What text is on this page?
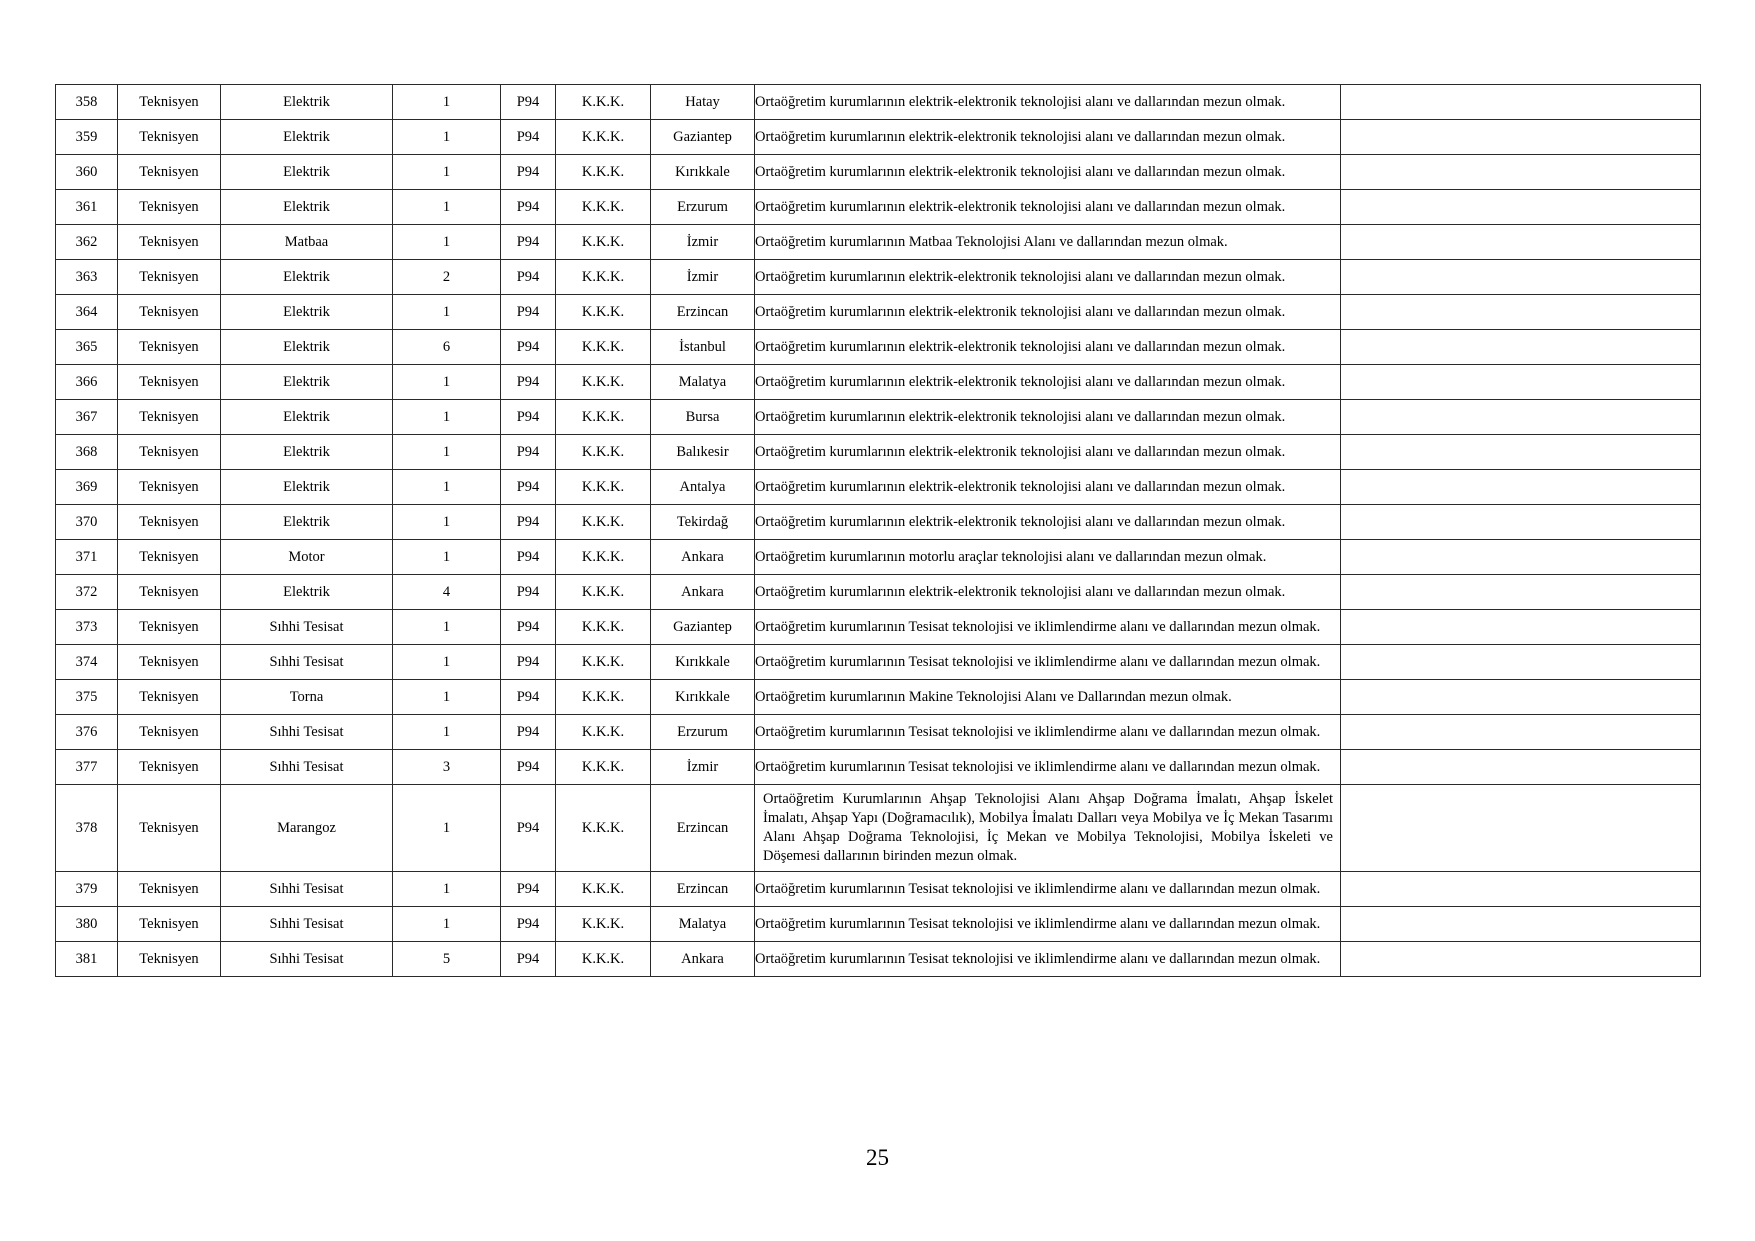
358	Teknisyen	Elektrik	1	P94	K.K.K.	Hatay	Ortaöğretim kurumlarının elektrik-elektronik teknolojisi alanı ve dallarından mezun olmak.	
359	Teknisyen	Elektrik	1	P94	K.K.K.	Gaziantep	Ortaöğretim kurumlarının elektrik-elektronik teknolojisi alanı ve dallarından mezun olmak.	
360	Teknisyen	Elektrik	1	P94	K.K.K.	Kırıkkale	Ortaöğretim kurumlarının elektrik-elektronik teknolojisi alanı ve dallarından mezun olmak.	
361	Teknisyen	Elektrik	1	P94	K.K.K.	Erzurum	Ortaöğretim kurumlarının elektrik-elektronik teknolojisi alanı ve dallarından mezun olmak.	
362	Teknisyen	Matbaa	1	P94	K.K.K.	İzmir	Ortaöğretim kurumlarının Matbaa Teknolojisi Alanı ve dallarından mezun olmak.	
363	Teknisyen	Elektrik	2	P94	K.K.K.	İzmir	Ortaöğretim kurumlarının elektrik-elektronik teknolojisi alanı ve dallarından mezun olmak.	
364	Teknisyen	Elektrik	1	P94	K.K.K.	Erzincan	Ortaöğretim kurumlarının elektrik-elektronik teknolojisi alanı ve dallarından mezun olmak.	
365	Teknisyen	Elektrik	6	P94	K.K.K.	İstanbul	Ortaöğretim kurumlarının elektrik-elektronik teknolojisi alanı ve dallarından mezun olmak.	
366	Teknisyen	Elektrik	1	P94	K.K.K.	Malatya	Ortaöğretim kurumlarının elektrik-elektronik teknolojisi alanı ve dallarından mezun olmak.	
367	Teknisyen	Elektrik	1	P94	K.K.K.	Bursa	Ortaöğretim kurumlarının elektrik-elektronik teknolojisi alanı ve dallarından mezun olmak.	
368	Teknisyen	Elektrik	1	P94	K.K.K.	Balıkesir	Ortaöğretim kurumlarının elektrik-elektronik teknolojisi alanı ve dallarından mezun olmak.	
369	Teknisyen	Elektrik	1	P94	K.K.K.	Antalya	Ortaöğretim kurumlarının elektrik-elektronik teknolojisi alanı ve dallarından mezun olmak.	
370	Teknisyen	Elektrik	1	P94	K.K.K.	Tekirdağ	Ortaöğretim kurumlarının elektrik-elektronik teknolojisi alanı ve dallarından mezun olmak.	
371	Teknisyen	Motor	1	P94	K.K.K.	Ankara	Ortaöğretim kurumlarının motorlu araçlar teknolojisi alanı ve dallarından mezun olmak.	
372	Teknisyen	Elektrik	4	P94	K.K.K.	Ankara	Ortaöğretim kurumlarının elektrik-elektronik teknolojisi alanı ve dallarından mezun olmak.	
373	Teknisyen	Sıhhi Tesisat	1	P94	K.K.K.	Gaziantep	Ortaöğretim kurumlarının Tesisat teknolojisi ve iklimlendirme alanı ve dallarından mezun olmak.	
374	Teknisyen	Sıhhi Tesisat	1	P94	K.K.K.	Kırıkkale	Ortaöğretim kurumlarının Tesisat teknolojisi ve iklimlendirme alanı ve dallarından mezun olmak.	
375	Teknisyen	Torna	1	P94	K.K.K.	Kırıkkale	Ortaöğretim kurumlarının Makine Teknolojisi Alanı ve Dallarından mezun olmak.	
376	Teknisyen	Sıhhi Tesisat	1	P94	K.K.K.	Erzurum	Ortaöğretim kurumlarının Tesisat teknolojisi ve iklimlendirme alanı ve dallarından mezun olmak.	
377	Teknisyen	Sıhhi Tesisat	3	P94	K.K.K.	İzmir	Ortaöğretim kurumlarının Tesisat teknolojisi ve iklimlendirme alanı ve dallarından mezun olmak.	
378	Teknisyen	Marangoz	1	P94	K.K.K.	Erzincan	Ortaöğretim Kurumlarının Ahşap Teknolojisi Alanı Ahşap Doğrama İmalatı, Ahşap İskelet İmalatı, Ahşap Yapı (Doğramacılık), Mobilya İmalatı Dalları veya Mobilya ve İç Mekan Tasarımı Alanı Ahşap Doğrama Teknolojisi, İç Mekan ve Mobilya Teknolojisi, Mobilya İskeleti ve Döşemesi dallarının birinden mezun olmak.	
379	Teknisyen	Sıhhi Tesisat	1	P94	K.K.K.	Erzincan	Ortaöğretim kurumlarının Tesisat teknolojisi ve iklimlendirme alanı ve dallarından mezun olmak.	
380	Teknisyen	Sıhhi Tesisat	1	P94	K.K.K.	Malatya	Ortaöğretim kurumlarının Tesisat teknolojisi ve iklimlendirme alanı ve dallarından mezun olmak.	
381	Teknisyen	Sıhhi Tesisat	5	P94	K.K.K.	Ankara	Ortaöğretim kurumlarının Tesisat teknolojisi ve iklimlendirme alanı ve dallarından mezun olmak.	
25
